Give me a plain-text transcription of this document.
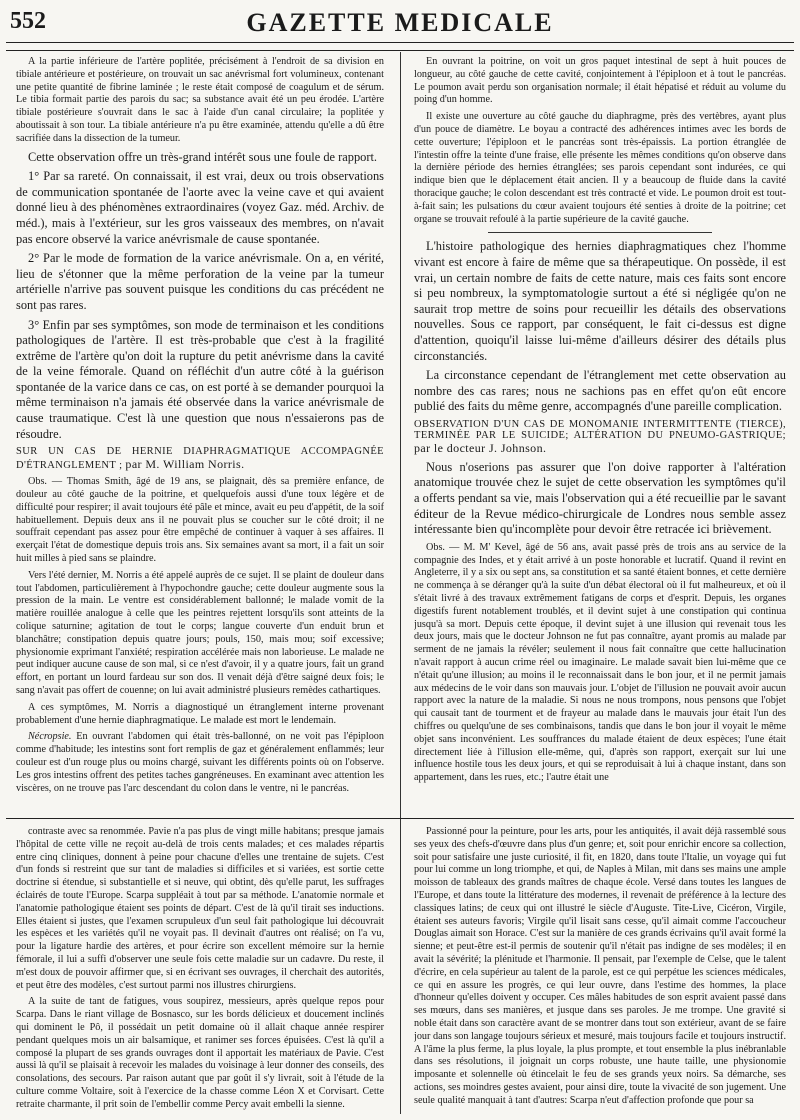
552	GAZETTE MEDICALE

A la partie inférieure de l'artère poplitée, précisément à l'endroit de sa division en tibiale antérieure et postérieure, on trouvait un sac anévrismal fort volumineux, contenant une petite quantité de fibrine laminée ; le reste était composé de coagulum et de sérum. Le tibia formait partie des parois du sac; sa substance avait été un peu érodée. L'artère tibiale postérieure s'ouvrait dans le sac à l'aide d'un canal circulaire; la poplitée y aboutissait à son tour. La tibiale antérieure n'a pu être examinée, attendu qu'elle a dû être sacrifiée dans la dissection de la tumeur.

Cette observation offre un très-grand intérêt sous une foule de rapport.

1° Par sa rareté. On connaissait, il est vrai, deux ou trois observations de communication spontanée de l'aorte avec la veine cave et qui avaient donné lieu à des phénomènes extraordinaires (voyez Gaz. méd. Archiv. de méd.), mais à l'extérieur, sur les gros vaisseaux des membres, on n'avait pas encore observé la varice anévrismale de cause spontanée.

2° Par le mode de formation de la varice anévrismale. On a, en vérité, lieu de s'étonner que la même perforation de la veine par la tumeur artérielle n'arrive pas souvent puisque les conditions du cas précédent ne sont pas rares.

3° Enfin par ses symptômes, son mode de terminaison et les conditions pathologiques de l'artère. Il est très-probable que c'est à la fragilité extrême de l'artère qu'on doit la rupture du petit anévrisme dans la cavité de la veine fémorale. Quand on réfléchit d'un autre côté à la guérison spontanée de la varice dans ce cas, on est porté à se demander pourquoi la même terminaison n'a jamais été observée dans la varice anévrismale de cause traumatique. C'est là une question que nous n'essaierons pas de résoudre.

SUR UN CAS DE HERNIE DIAPHRAGMATIQUE ACCOMPAGNÉE D'ÉTRANGLEMENT ; par M. William Norris.

Obs. — Thomas Smith, âgé de 19 ans, se plaignait, dès sa première enfance, de douleur au côté gauche de la poitrine, et quelquefois aussi d'une toux légère et de difficulté pour respirer; il avait toujours été pâle et mince, avait eu peu d'appétit, de la soif habituellement. Depuis deux ans il ne pouvait plus se coucher sur le côté droit; il ne souffrait cependant pas assez pour être empêché de continuer à vaquer à ses affaires. Il exerçait l'état de domestique depuis trois ans. Six semaines avant sa mort, il a fait un soir huit milles à pied sans se plaindre.

Vers l'été dernier, M. Norris a été appelé auprès de ce sujet. Il se plaint de douleur dans tout l'abdomen, particulièrement à l'hypochondre gauche; cette douleur augmente sous la pression de la main. Le ventre est considérablement ballonné; le malade vomit de la matière rouillée analogue à celle que les peintres rejettent lorsqu'ils sont atteints de la colique saturnine; agitation de tout le corps; langue couverte d'un enduit brun et blanchâtre; constipation depuis quatre jours; pouls, 150, mais mou; soif excessive; physionomie exprimant l'anxiété; respiration accélérée mais non laborieuse. Le malade ne peut indiquer aucune cause de son mal, si ce n'est d'avoir, il y a quatre jours, fait un grand effort, en portant un lourd fardeau sur son dos. Il venait déjà d'être saigné deux fois; le sang n'avait pas offert de couenne; on lui avait administré plusieurs remèdes cathartiques.

A ces symptômes, M. Norris a diagnostiqué un étranglement interne provenant probablement d'une hernie diaphragmatique. Le malade est mort le lendemain.

Nécropsie. En ouvrant l'abdomen qui était très-ballonné, on ne voit pas l'épiploon comme d'habitude; les intestins sont fort remplis de gaz et généralement enflammés; leur couleur est d'un rouge plus ou moins chargé, suivant les différents points où on l'observe. Les gros intestins offrent des petites taches gangréneuses. En examinant avec attention les viscères, on ne trouve pas l'arc descendant du colon dans le ventre, ni le pancréas.

En ouvrant la poitrine, on voit un gros paquet intestinal de sept à huit pouces de longueur, au côté gauche de cette cavité, conjointement à l'épiploon et à tout le pancréas. Le poumon avait perdu son organisation normale; il était hépatisé et réduit au volume du poing d'un homme.

Il existe une ouverture au côté gauche du diaphragme, près des vertèbres, ayant plus d'un pouce de diamètre. Le boyau a contracté des adhérences intimes avec les bords de cette ouverture; l'épiploon et le pancréas sont très-épaissis. La portion étranglée de l'intestin offre la teinte d'une fraise, elle présente les mêmes conditions qu'on observe dans la dernière période des hernies étranglées; ses parois cependant sont indurées, ce qui indique bien que le déplacement était ancien. Il y a beaucoup de fluide dans la cavité thoracique gauche; le colon descendant est très contracté et vide. Le poumon droit est tout-à-fait sain; les pulsations du cœur avaient toujours été senties à droite de la poitrine; cet organe se trouvait refoulé à la partie supérieure de la cavité gauche.

L'histoire pathologique des hernies diaphragmatiques chez l'homme vivant est encore à faire de même que sa thérapeutique. On possède, il est vrai, un certain nombre de faits de cette nature, mais ces faits sont encore si peu nombreux, la symptomatologie surtout a été si négligée qu'on ne saurait trop mettre de soins pour recueillir les détails des observations nouvelles. Sous ce rapport, par conséquent, le fait ci-dessus est digne d'attention, quoiqu'il laisse lui-même d'ailleurs désirer des détails plus circonstanciés.

La circonstance cependant de l'étranglement met cette observation au nombre des cas rares; nous ne sachions pas en effet qu'on eût encore publié des faits du même genre, accompagnés d'une pareille complication.

OBSERVATION D'UN CAS DE MONOMANIE INTERMITTENTE (TIERCE), TERMINÉE PAR LE SUICIDE; ALTÉRATION DU PNEUMO-GASTRIQUE; par le docteur J. Johnson.

Nous n'oserions pas assurer que l'on doive rapporter à l'altération anatomique trouvée chez le sujet de cette observation les symptômes qu'il a offerts pendant sa vie, mais l'observation qui a été recueillie par le savant éditeur de la Revue médico-chirurgicale de Londres nous semble assez intéressante bien qu'incomplète pour devoir être retracée ici brièvement.

Obs. — M. M' Kevel, âgé de 56 ans, avait passé près de trois ans au service de la compagnie des Indes, et y était arrivé à un poste honorable et lucratif. Quand il revint en Angleterre, il y a six ou sept ans, sa constitution et sa santé étaient bonnes, et cette dernière ne commença à se déranger qu'à la suite d'un débat électoral où il fut malheureux, et où il s'était livré à des travaux extrêmement fatigans de corps et d'esprit. Depuis, les organes digestifs furent notablement troublés, et il devint sujet à une constipation qui continua jusqu'à sa mort. Depuis cette époque, il devint sujet à une illusion qui revenait tous les deux jours, mais que le docteur Johnson ne fut pas connaître, ayant promis au malade par serment de ne jamais la révéler; seulement il nous fait connaître que cette hallucination n'avait rapport à aucun crime réel ou imaginaire. Le malade savait bien lui-même que ce n'était qu'une illusion; au moins il le reconnaissait dans le bon jour, et il ne permit jamais aux médecins de le voir dans son mauvais jour. L'objet de l'illusion ne pouvait avoir aucun rapport avec la nature de la maladie. Si nous ne nous trompons, nous pensons que l'objet qui causait tant de tourment et de frayeur au malade dans le mauvais jour était l'un des chiffres ou quelqu'une de ses combinaisons, tandis que dans le bon jour il voyait le même objet sans inconvénient. Les souffrances du malade étaient de deux espèces; l'une était directement liée à l'illusion elle-même, qui, d'après son rapport, exerçait sur lui une influence hostile tous les deux jours, et qui se reproduisait à lui à chaque instant, dans son appartement, dans les rues, etc.; l'autre était une

contraste avec sa renommée. Pavie n'a pas plus de vingt mille habitans; presque jamais l'hôpital de cette ville ne reçoit au-delà de trois cents malades; et ces malades répartis entre cinq cliniques, donnent à peine pour chacune d'elles une trentaine de sujets. C'est d'un fonds si restreint que sur tant de maladies si difficiles et si variées, est sortie cette doctrine si étendue, si substantielle et si neuve, qui obtint, dès qu'elle parut, les suffrages éclairés de toute l'Europe. Scarpa suppléait à tout par sa méthode. L'anatomie normale et l'anatomie pathologique étaient ses points de départ. C'est de là qu'il tirait ses inductions. Elles étaient si justes, que l'examen scrupuleux d'un seul fait pathologique lui découvrait les espèces et les variétés qu'il ne voyait pas. Il devinait d'autres ont réalisé; on l'a vu, pour la ligature hardie des artères, et pour écrire son excellent mémoire sur la hernie fémorale, il lui a suffi d'observer une seule fois cette maladie sur un cadavre. Du reste, il m'est doux de pouvoir affirmer que, si en écrivant ses ouvrages, il cherchait des autorités, et peut être des modèles, c'est surtout parmi nos illustres chirurgiens.

A la suite de tant de fatigues, vous soupirez, messieurs, après quelque repos pour Scarpa. Dans le riant village de Bosnasco, sur les bords délicieux et doucement inclinés qui dominent le Pô, il possédait un petit domaine où il allait chaque année respirer pendant quelques mois un air balsamique, et ranimer ses forces épuisées. C'est là qu'il a composé la plupart de ses grands ouvrages dont il apportait les matériaux de Pavie. C'est aussi là qu'il se plaisait à recevoir les malades du voisinage à leur donner des conseils, des consolations, des secours. Par raison autant que par goût il s'y livrait, soit à l'étude de la culture comme Voltaire, soit à l'exercice de la chasse comme Léon X et Corvisart. Cette retraite charmante, il prit soin de l'embellir comme Percy avait embelli la sienne.

Passionné pour la peinture, pour les arts, pour les antiquités, il avait déjà rassemblé sous ses yeux des chefs-d'œuvre dans plus d'un genre; et, soit pour enrichir encore sa collection, soit pour satisfaire une juste curiosité, il fit, en 1820, dans toute l'Italie, un voyage qui fut pour lui comme un long triomphe, et qui, de Naples à Milan, mit dans ses mains une ample moisson de tableaux des grands maîtres de chaque école. Versé dans toutes les langues de l'Europe, et dans toute la littérature des modernes, il revenait de préférence à la lecture des classiques latins; de ceux qui ont illustré le siècle d'Auguste. Tite-Live, Cicéron, Virgile, étaient ses auteurs favoris; Virgile qu'il lisait sans cesse, qu'il aimait comme l'accoucheur Douglas aimait son Horace. C'est sur la manière de ces grands écrivains qu'il avait formé la sienne; et peut-être est-il permis de soutenir qu'il n'était pas indigne de ses modèles; il en avait la sévérité; la plénitude et l'harmonie. Il pensait, par l'exemple de Celse, que le talent d'écrire, en cela supérieur au talent de la parole, est ce qui perpétue les sciences médicales, ce qui en assure les progrès, ce qui leur ouvre, dans l'estime des hommes, la place d'honneur qu'elles doivent y occuper. Ces mâles habitudes de son esprit avaient passé dans ses mœurs, dans ses manières, et jusque dans ses paroles. Je me trompe. Une gravité si noble était dans son caractère avant de se montrer dans tout son extérieur, avant de se faire jour dans son langage toujours sérieux et mesuré, mais toujours facile et toujours instructif. A l'âme la plus ferme, la plus loyale, la plus prompte, et tout ensemble la plus inébranlable dans ses résolutions, il joignait un corps robuste, une haute taille, une physionomie imposante et solennelle où étincelait le feu de ses grands yeux noirs. Sa démarche, ses actions, ses moindres gestes avaient, pour ainsi dire, toute la vivacité de son jugement. Une seule qualité manquait à tant d'autres: Scarpa n'eut d'affection profonde que pour sa
